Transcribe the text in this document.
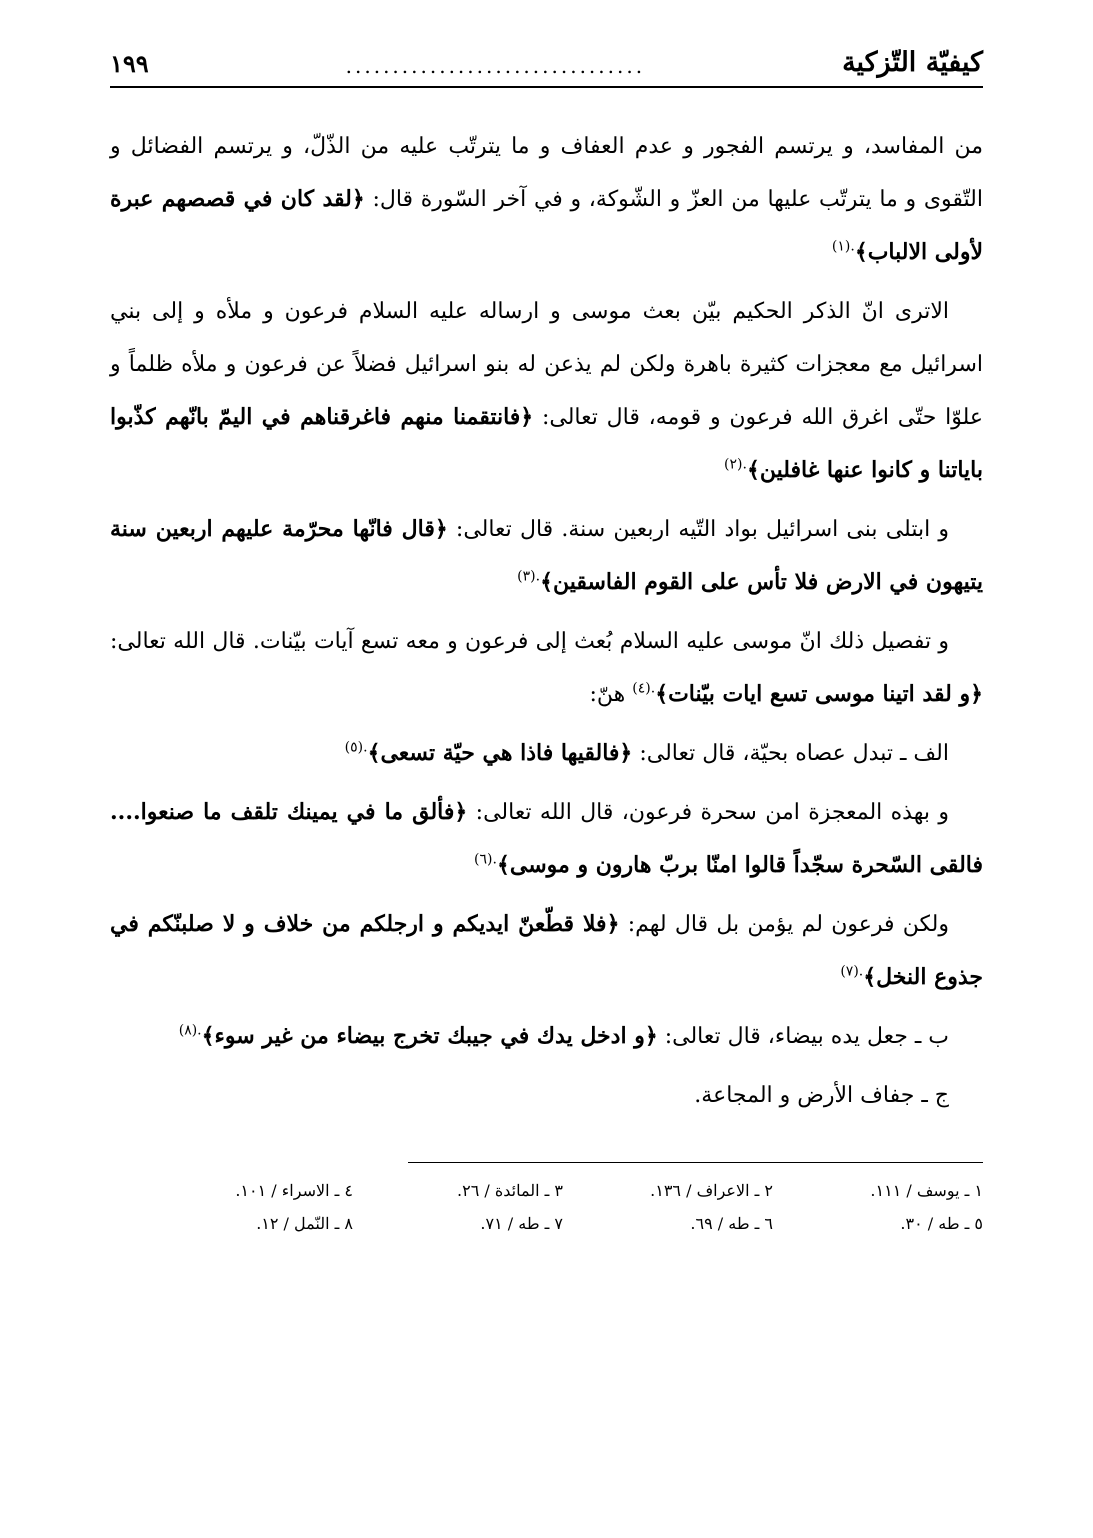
كيفيّة التّزكية
................................
١٩٩

من المفاسد، و يرتسم الفجور و عدم العفاف و ما يترتّب عليه من الذّلّ، و يرتسم الفضائل و التّقوى و ما يترتّب عليها من العزّ و الشّوكة، و في آخر السّورة قال: ﴿لقد كان في قصصهم عبرة لأولى الالباب﴾$^{.(١)}$

الاترى انّ الذكر الحكيم بيّن بعث موسى و ارساله عليه السلام فرعون و ملأه و إلى بني اسرائيل مع معجزات كثيرة باهرة ولكن لم يذعن له بنو اسرائيل فضلاً عن فرعون و ملأه ظلماً و علوّا حتّى اغرق الله فرعون و قومه، قال تعالى: ﴿فانتقمنا منهم فاغرقناهم في اليمّ بانّهم كذّبوا باياتنا و كانوا عنها غافلين﴾$^{.(٢)}$

و ابتلى بنى اسرائيل بواد التّيه اربعين سنة. قال تعالى: ﴿قال فانّها محرّمة عليهم اربعين سنة يتيهون في الارض فلا تأس على القوم الفاسقين﴾$^{.(٣)}$

و تفصيل ذلك انّ موسى عليه السلام بُعث إلى فرعون و معه تسع آيات بيّنات. قال الله تعالى: ﴿و لقد اتينا موسى تسع ايات بيّنات﴾$^{.(٤)}$ هنّ:

الف ـ تبدل عصاه بحيّة، قال تعالى: ﴿فالقيها فاذا هي حيّة تسعى﴾$^{.(٥)}$

و بهذه المعجزة امن سحرة فرعون، قال الله تعالى: ﴿فألق ما في يمينك تلقف ما صنعوا.... فالقى السّحرة سجّداً قالوا امنّا بربّ هارون و موسى﴾$^{.(٦)}$

ولكن فرعون لم يؤمن بل قال لهم: ﴿فلا قطّعنّ ايديكم و ارجلكم من خلاف و لا صلبنّكم في جذوع النخل﴾$^{.(٧)}$

ب ـ جعل يده بيضاء، قال تعالى: ﴿و ادخل يدك في جيبك تخرج بيضاء من غير سوء﴾$^{.(٨)}$

ج ـ جفاف الأرض و المجاعة.

١ ـ يوسف / ١١١.
٢ ـ الاعراف / ١٣٦.
٣ ـ المائدة / ٢٦.
٤ ـ الاسراء / ١٠١.
٥ ـ طه / ٣٠.
٦ ـ طه / ٦٩.
٧ ـ طه / ٧١.
٨ ـ النّمل / ١٢.
